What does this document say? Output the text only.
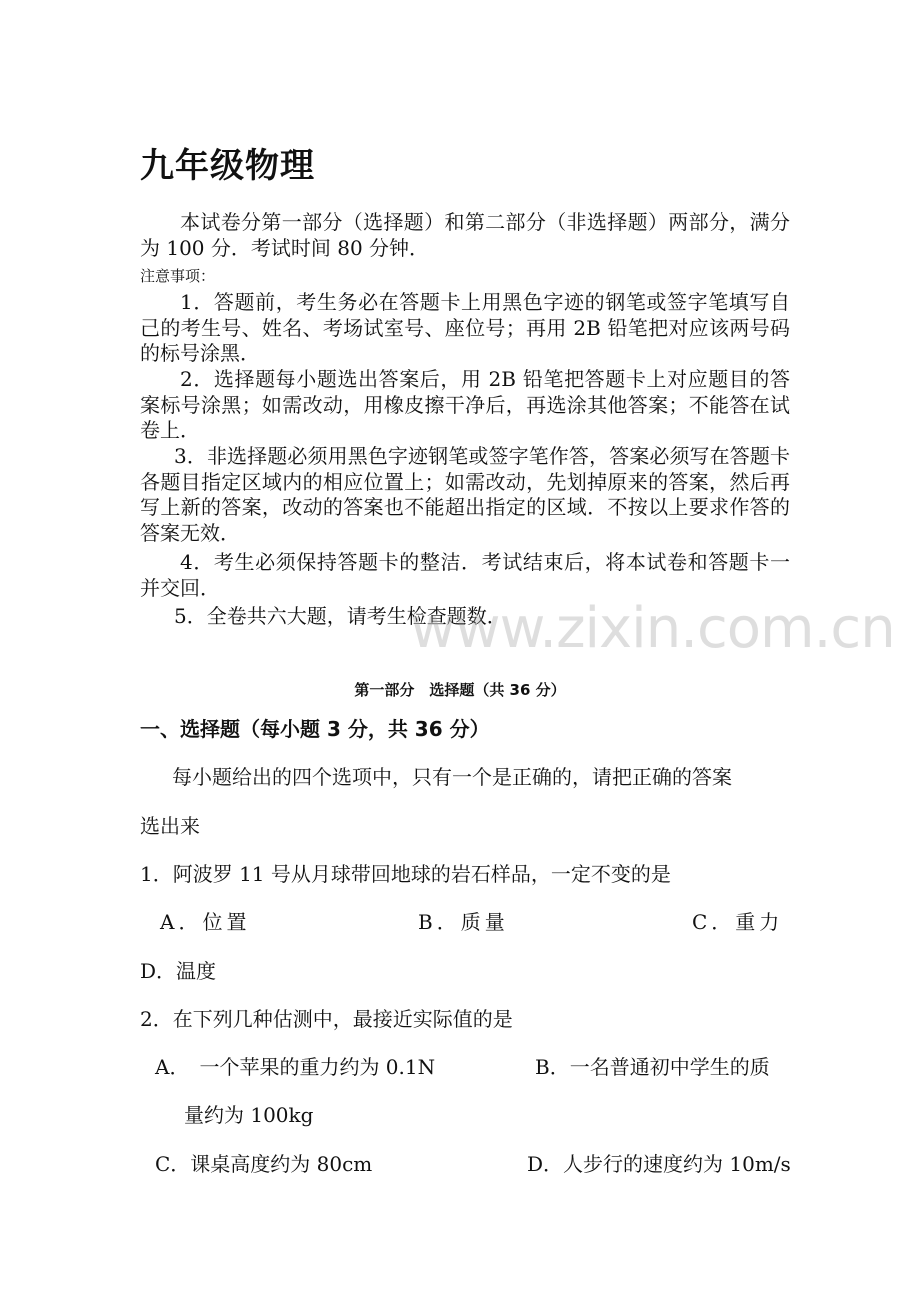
九年级物理
本试卷分第一部分（选择题）和第二部分（非选择题）两部分，满分为 100 分．考试时间 80 分钟．
注意事项：
1．答题前，考生务必在答题卡上用黑色字迹的钢笔或签字笔填写自己的考生号、姓名、考场试室号、座位号；再用 2B 铅笔把对应该两号码的标号涂黑．
2．选择题每小题选出答案后，用 2B 铅笔把答题卡上对应题目的答案标号涂黑；如需改动，用橡皮擦干净后，再选涂其他答案；不能答在试卷上．
3．非选择题必须用黑色字迹钢笔或签字笔作答，答案必须写在答题卡各题目指定区域内的相应位置上；如需改动，先划掉原来的答案，然后再写上新的答案，改动的答案也不能超出指定的区域．不按以上要求作答的答案无效．
4．考生必须保持答题卡的整洁．考试结束后，将本试卷和答题卡一并交回．
5．全卷共六大题，请考生检查题数．
www.zixin.com.cn
第一部分　选择题（共 36 分）
一、选择题（每小题 3 分，共 36 分）
每小题给出的四个选项中，只有一个是正确的，请把正确的答案
选出来
1．阿波罗 11 号从月球带回地球的岩石样品，一定不变的是
A．位置	B．质量	C．重力
D．温度
2．在下列几种估测中，最接近实际值的是
A．　一个苹果的重力约为 0.1N	B．一名普通初中学生的质
量约为 100kg
C．课桌高度约为 80cm	D．人步行的速度约为 10m/s
